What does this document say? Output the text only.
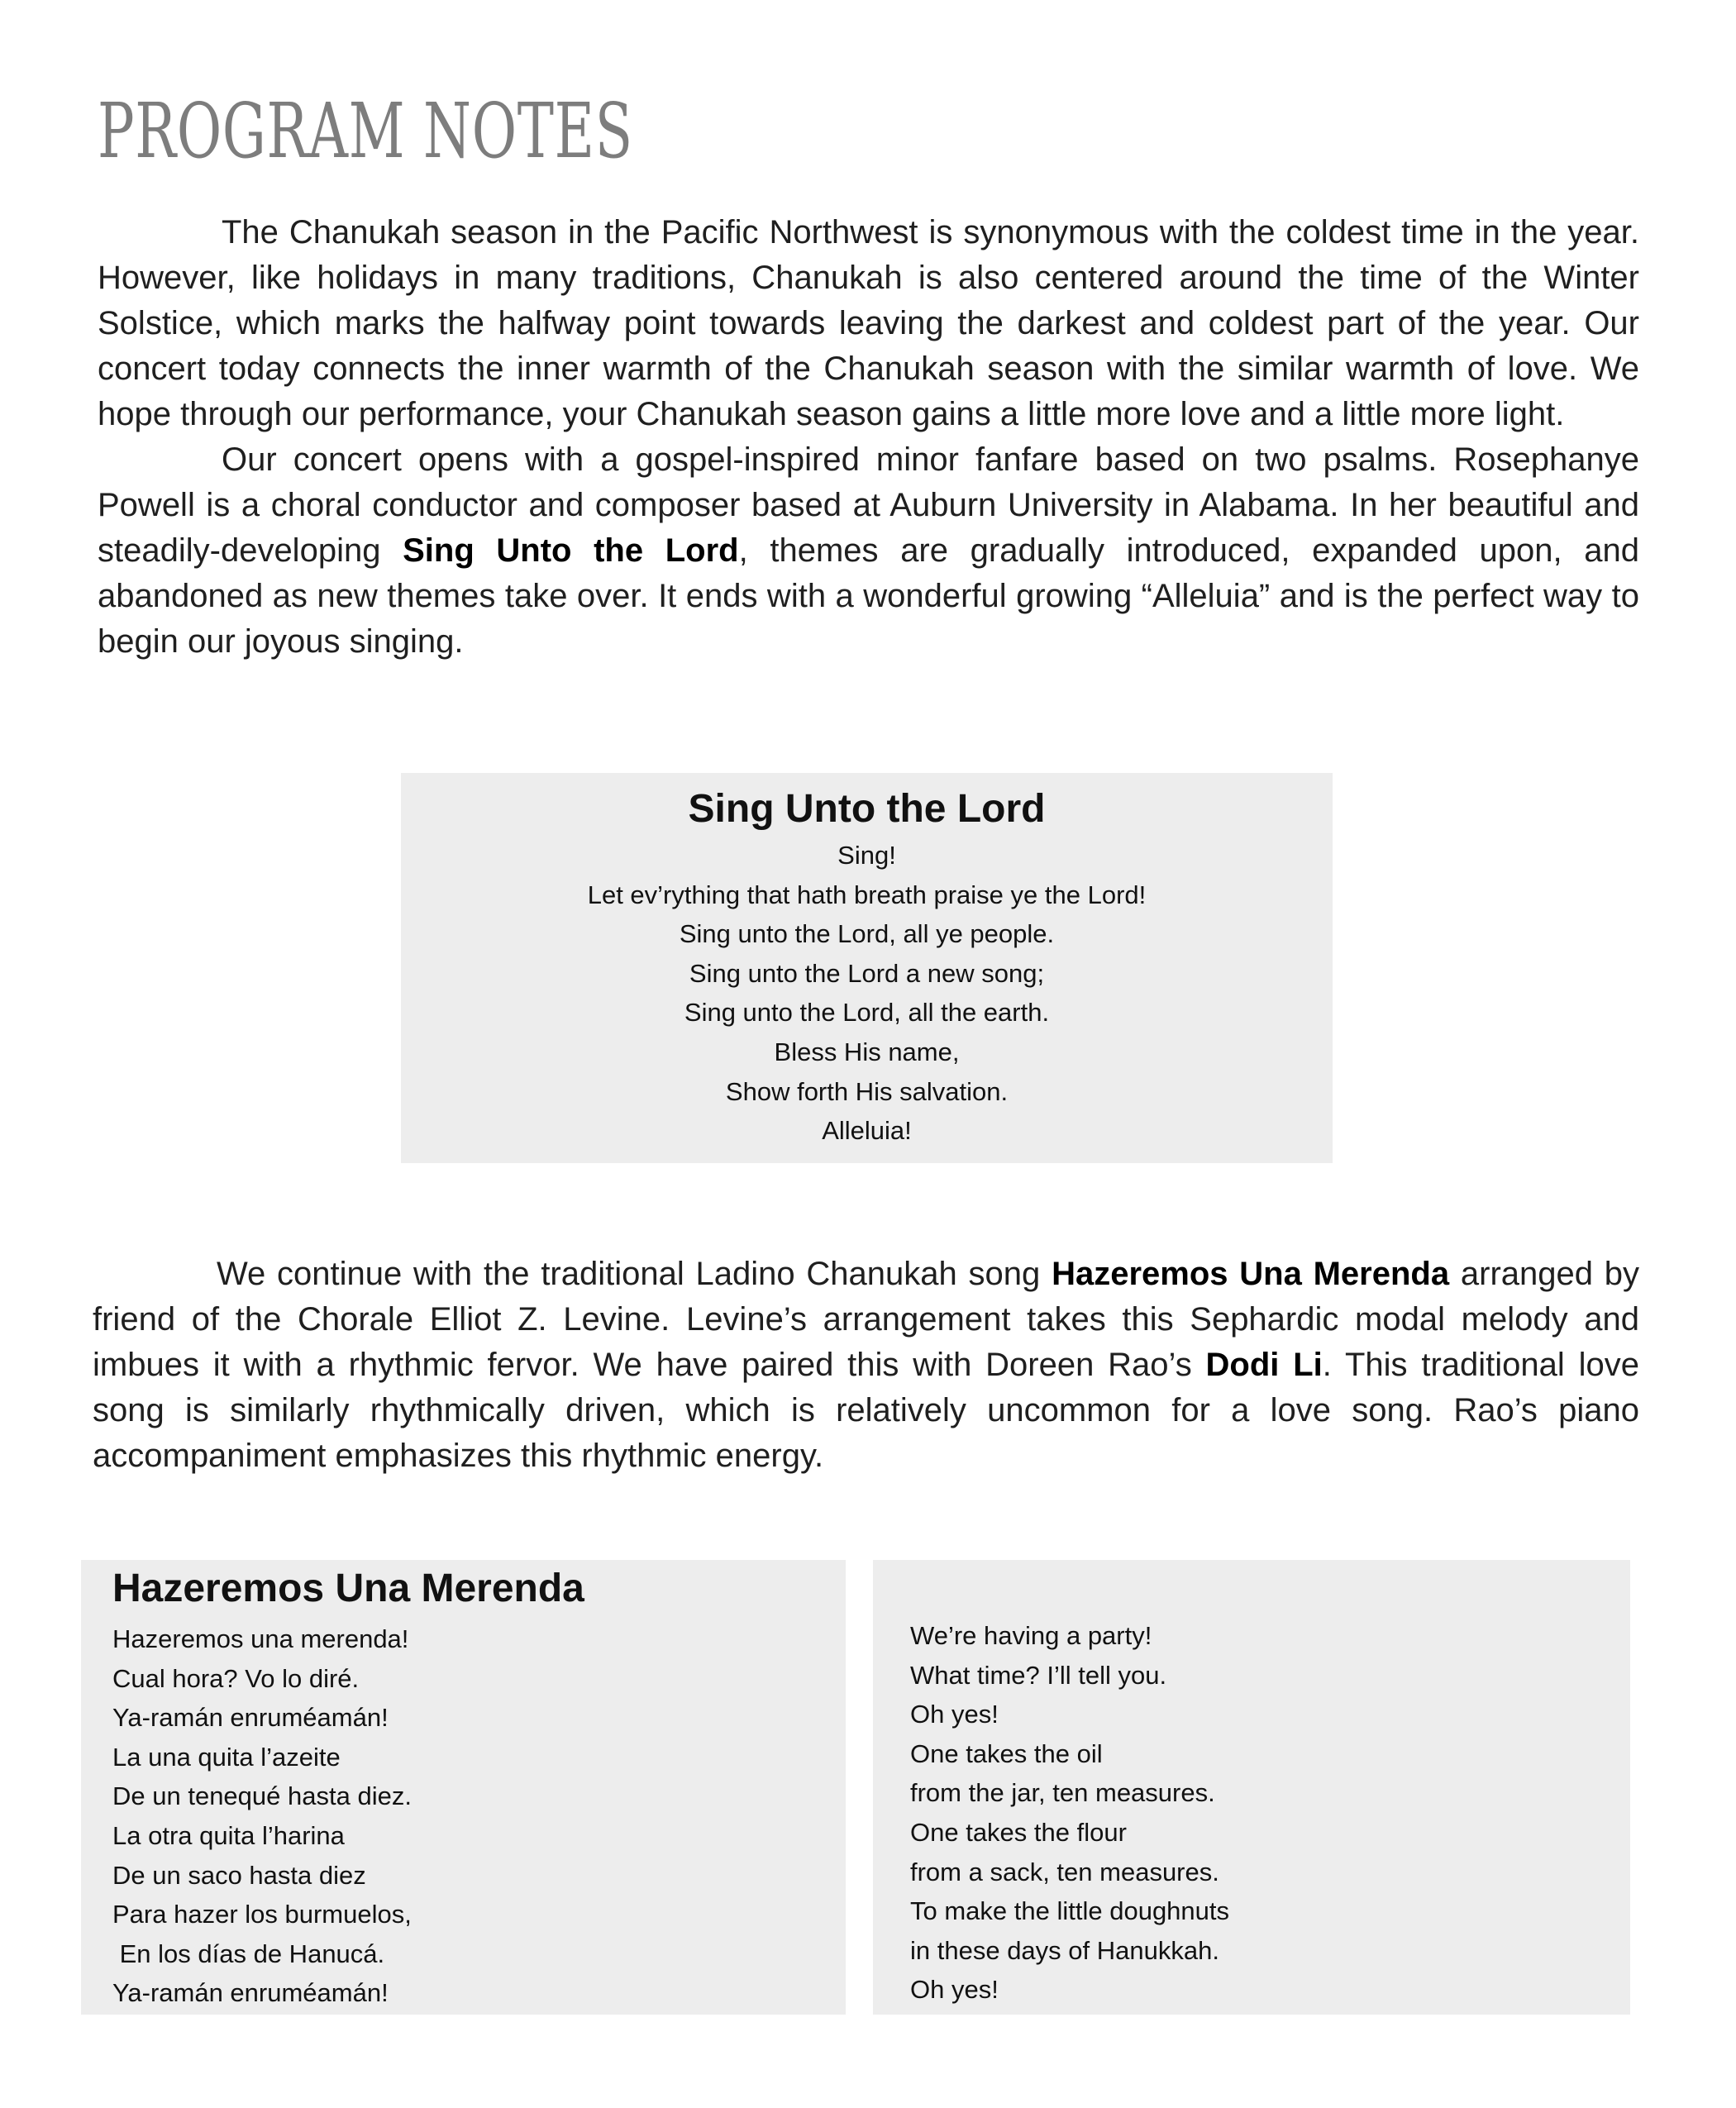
PROGRAM NOTES

The Chanukah season in the Pacific Northwest is synonymous with the coldest time in the year. However, like holidays in many traditions, Chanukah is also centered around the time of the Winter Solstice, which marks the halfway point towards leaving the darkest and coldest part of the year. Our concert today connects the inner warmth of the Chanukah season with the similar warmth of love. We hope through our performance, your Chanukah season gains a little more love and a little more light.

Our concert opens with a gospel-inspired minor fanfare based on two psalms. Rosephanye Powell is a choral conductor and composer based at Auburn University in Alabama. In her beautiful and steadily-developing Sing Unto the Lord, themes are gradually introduced, expanded upon, and abandoned as new themes take over. It ends with a wonderful growing “Alleluia” and is the perfect way to begin our joyous singing.

Sing Unto the Lord
Sing!
Let ev’rything that hath breath praise ye the Lord!
Sing unto the Lord, all ye people.
Sing unto the Lord a new song;
Sing unto the Lord, all the earth.
Bless His name,
Show forth His salvation.
Alleluia!

We continue with the traditional Ladino Chanukah song Hazeremos Una Merenda arranged by friend of the Chorale Elliot Z. Levine. Levine’s arrangement takes this Sephardic modal melody and imbues it with a rhythmic fervor. We have paired this with Doreen Rao’s Dodi Li. This traditional love song is similarly rhythmically driven, which is relatively uncommon for a love song. Rao’s piano accompaniment emphasizes this rhythmic energy.

Hazeremos Una Merenda
Hazeremos una merenda!
Cual hora? Vo lo diré.
Ya-ramán enruméamán!
La una quita l’azeite
De un tenequé hasta diez.
La otra quita l’harina
De un saco hasta diez
Para hazer los burmuelos,
En los días de Hanucá.
Ya-ramán enruméamán!
We’re having a party!
What time? I’ll tell you.
Oh yes!
One takes the oil
from the jar, ten measures.
One takes the flour
from a sack, ten measures.
To make the little doughnuts
in these days of Hanukkah.
Oh yes!
